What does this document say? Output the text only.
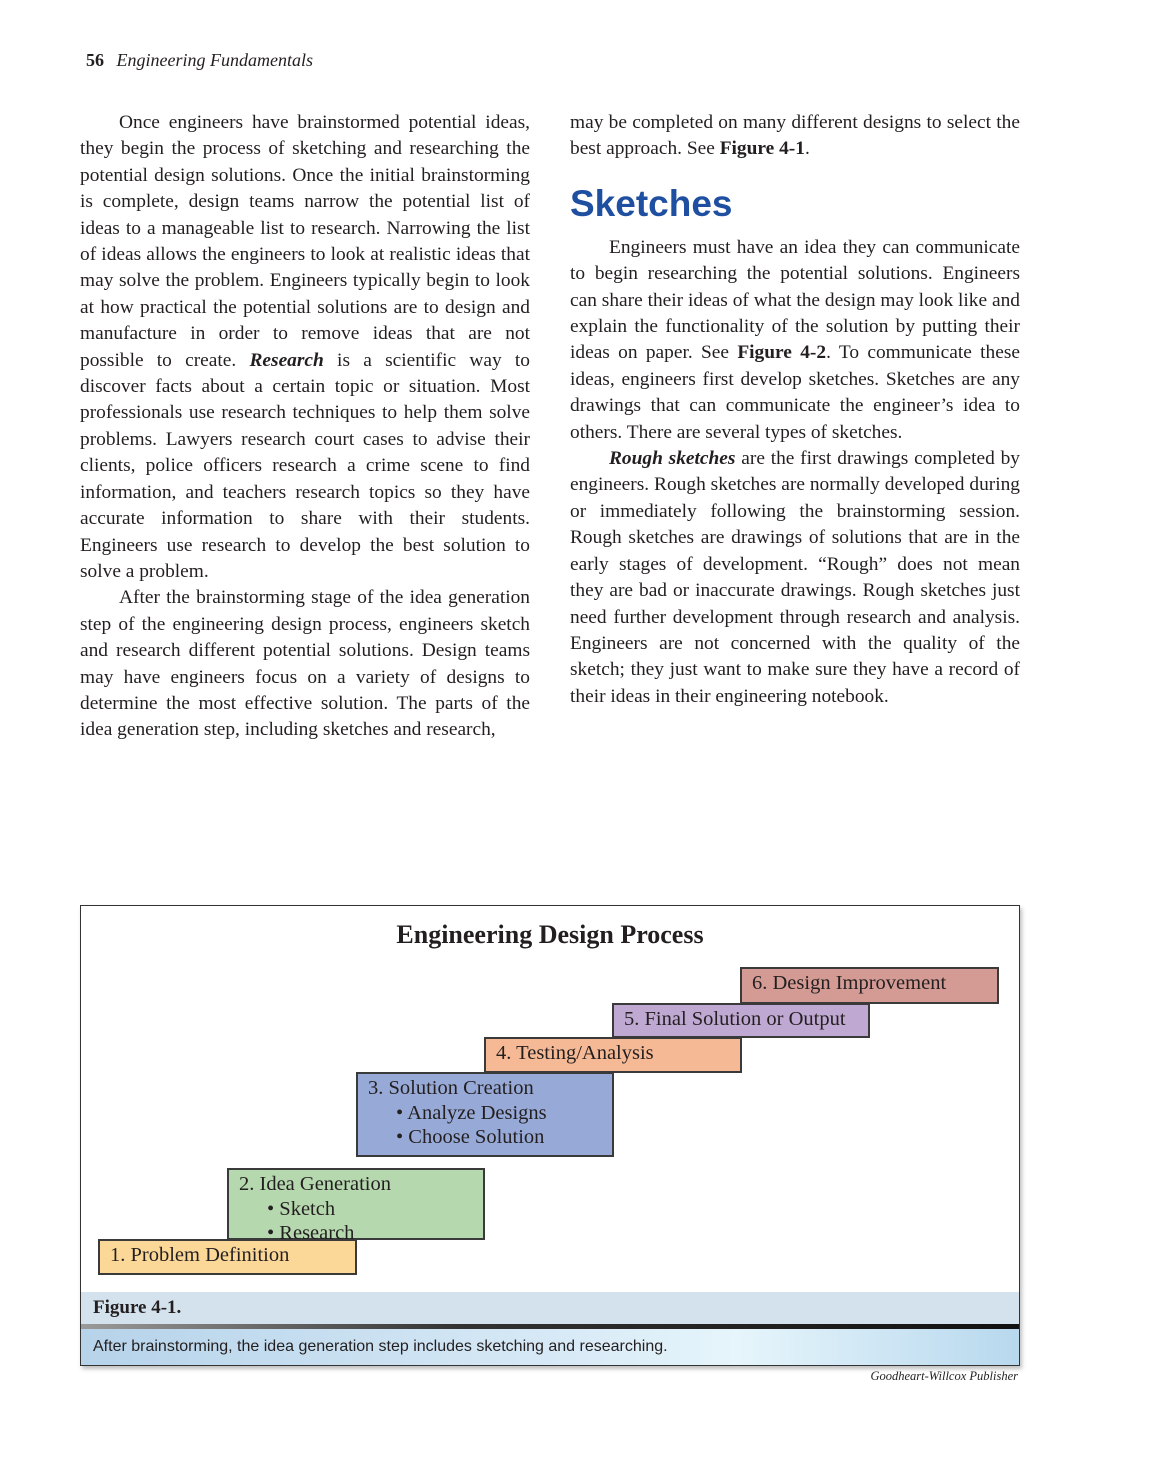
56 Engineering Fundamentals

Once engineers have brainstormed potential ideas, they begin the process of sketching and researching the potential design solutions. Once the initial brainstorming is complete, design teams narrow the potential list of ideas to a manageable list to research. Narrowing the list of ideas allows the engineers to look at realistic ideas that may solve the problem. Engineers typically begin to look at how practical the potential solutions are to design and manufacture in order to remove ideas that are not possible to create. Research is a scientific way to discover facts about a certain topic or situation. Most professionals use research techniques to help them solve problems. Lawyers research court cases to advise their clients, police officers research a crime scene to find information, and teachers research topics so they have accurate information to share with their students. Engineers use research to develop the best solution to solve a problem.

After the brainstorming stage of the idea generation step of the engineering design process, engineers sketch and research different potential solutions. Design teams may have engineers focus on a variety of designs to determine the most effective solution. The parts of the idea generation step, including sketches and research,

may be completed on many different designs to select the best approach. See Figure 4-1.

Sketches

Engineers must have an idea they can communicate to begin researching the potential solutions. Engineers can share their ideas of what the design may look like and explain the functionality of the solution by putting their ideas on paper. See Figure 4-2. To communicate these ideas, engineers first develop sketches. Sketches are any drawings that can communicate the engineer’s idea to others. There are several types of sketches.

Rough sketches are the first drawings completed by engineers. Rough sketches are normally developed during or immediately following the brainstorming session. Rough sketches are drawings of solutions that are in the early stages of development. “Rough” does not mean they are bad or inaccurate drawings. Rough sketches just need further development through research and analysis. Engineers are not concerned with the quality of the sketch; they just want to make sure they have a record of their ideas in their engineering notebook.

Engineering Design Process
1. Problem Definition
2. Idea Generation
• Sketch
• Research
3. Solution Creation
• Analyze Designs
• Choose Solution
4. Testing/Analysis
5. Final Solution or Output
6. Design Improvement
Figure 4-1.
After brainstorming, the idea generation step includes sketching and researching.
Goodheart-Willcox Publisher
